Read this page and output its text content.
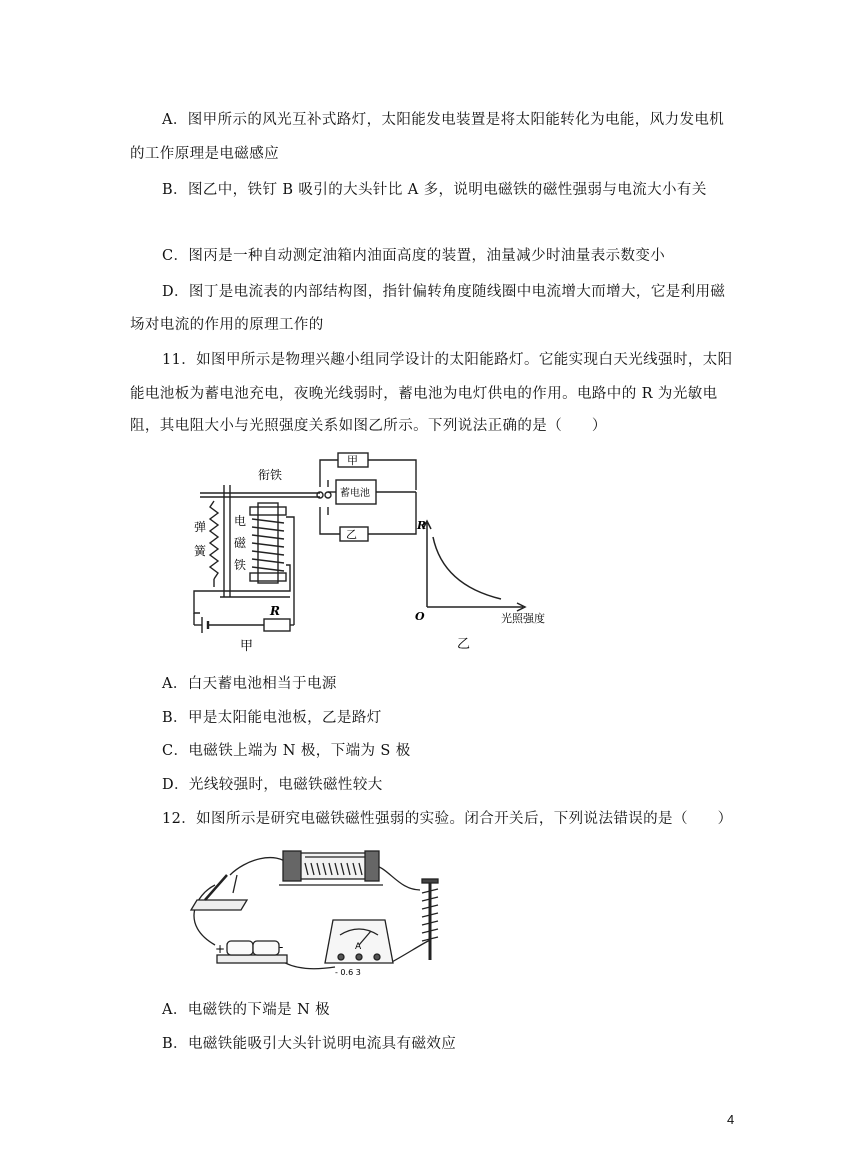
A．图甲所示的风光互补式路灯，太阳能发电装置是将太阳能转化为电能，风力发电机
的工作原理是电磁感应
B．图乙中，铁钉 B 吸引的大头针比 A 多，说明电磁铁的磁性强弱与电流大小有关
C．图丙是一种自动测定油箱内油面高度的装置，油量减少时油量表示数变小
D．图丁是电流表的内部结构图，指针偏转角度随线圈中电流增大而增大，它是利用磁
场对电流的作用的原理工作的
11．如图甲所示是物理兴趣小组同学设计的太阳能路灯。它能实现白天光线强时，太阳
能电池板为蓄电池充电，夜晚光线弱时，蓄电池为电灯供电的作用。电路中的 R 为光敏电
阻，其电阻大小与光照强度关系如图乙所示。下列说法正确的是（　　）
衔铁
甲
乙
蓄电池
弹
簧
电
磁
铁
R
甲
R
O	光照强度
乙
A．白天蓄电池相当于电源
B．甲是太阳能电池板，乙是路灯
C．电磁铁上端为 N 极，下端为 S 极
D．光线较强时，电磁铁磁性较大
12．如图所示是研究电磁铁磁性强弱的实验。闭合开关后，下列说法错误的是（　　）
+	-	A
- 0.6 3
A．电磁铁的下端是 N 极
B．电磁铁能吸引大头针说明电流具有磁效应
4
